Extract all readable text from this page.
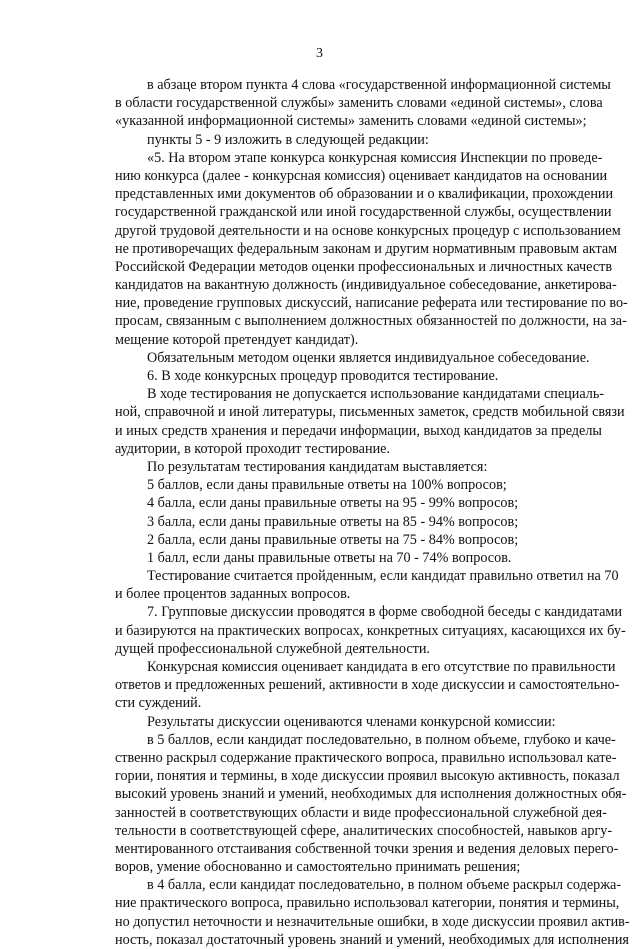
3
в абзаце втором пункта 4 слова «государственной информационной системы
в области государственной службы» заменить словами «единой системы», слова
«указанной информационной системы» заменить словами «единой системы»;
пункты 5 - 9 изложить в следующей редакции:
«5. На втором этапе конкурса конкурсная комиссия Инспекции по проведе-
нию конкурса (далее - конкурсная комиссия) оценивает кандидатов на основании
представленных ими документов об образовании и о квалификации, прохождении
государственной гражданской или иной государственной службы, осуществлении
другой трудовой деятельности и на основе конкурсных процедур с использованием
не противоречащих федеральным законам и другим нормативным правовым актам
Российской Федерации методов оценки профессиональных и личностных качеств
кандидатов на вакантную должность (индивидуальное собеседование, анкетирова-
ние, проведение групповых дискуссий, написание реферата или тестирование по во-
просам, связанным с выполнением должностных обязанностей по должности, на за-
мещение которой претендует кандидат).
Обязательным методом оценки является индивидуальное собеседование.
6. В ходе конкурсных процедур проводится тестирование.
В ходе тестирования не допускается использование кандидатами специаль-
ной, справочной и иной литературы, письменных заметок, средств мобильной связи
и иных средств хранения и передачи информации, выход кандидатов за пределы
аудитории, в которой проходит тестирование.
По результатам тестирования кандидатам выставляется:
5 баллов, если даны правильные ответы на 100% вопросов;
4 балла, если даны правильные ответы на 95 - 99% вопросов;
3 балла, если даны правильные ответы на 85 - 94% вопросов;
2 балла, если даны правильные ответы на 75 - 84% вопросов;
1 балл, если даны правильные ответы на 70 - 74% вопросов.
Тестирование считается пройденным, если кандидат правильно ответил на 70
и более процентов заданных вопросов.
7. Групповые дискуссии проводятся в форме свободной беседы с кандидатами
и базируются на практических вопросах, конкретных ситуациях, касающихся их бу-
дущей профессиональной служебной деятельности.
Конкурсная комиссия оценивает кандидата в его отсутствие по правильности
ответов и предложенных решений, активности в ходе дискуссии и самостоятельно-
сти суждений.
Результаты дискуссии оцениваются членами конкурсной комиссии:
в 5 баллов, если кандидат последовательно, в полном объеме, глубоко и каче-
ственно раскрыл содержание практического вопроса, правильно использовал кате-
гории, понятия и термины, в ходе дискуссии проявил высокую активность, показал
высокий уровень знаний и умений, необходимых для исполнения должностных обя-
занностей в соответствующих области и виде профессиональной служебной дея-
тельности в соответствующей сфере, аналитических способностей, навыков аргу-
ментированного отстаивания собственной точки зрения и ведения деловых перего-
воров, умение обоснованно и самостоятельно принимать решения;
в 4 балла, если кандидат последовательно, в полном объеме раскрыл содержа-
ние практического вопроса, правильно использовал категории, понятия и термины,
но допустил неточности и незначительные ошибки, в ходе дискуссии проявил актив-
ность, показал достаточный уровень знаний и умений, необходимых для исполнения
